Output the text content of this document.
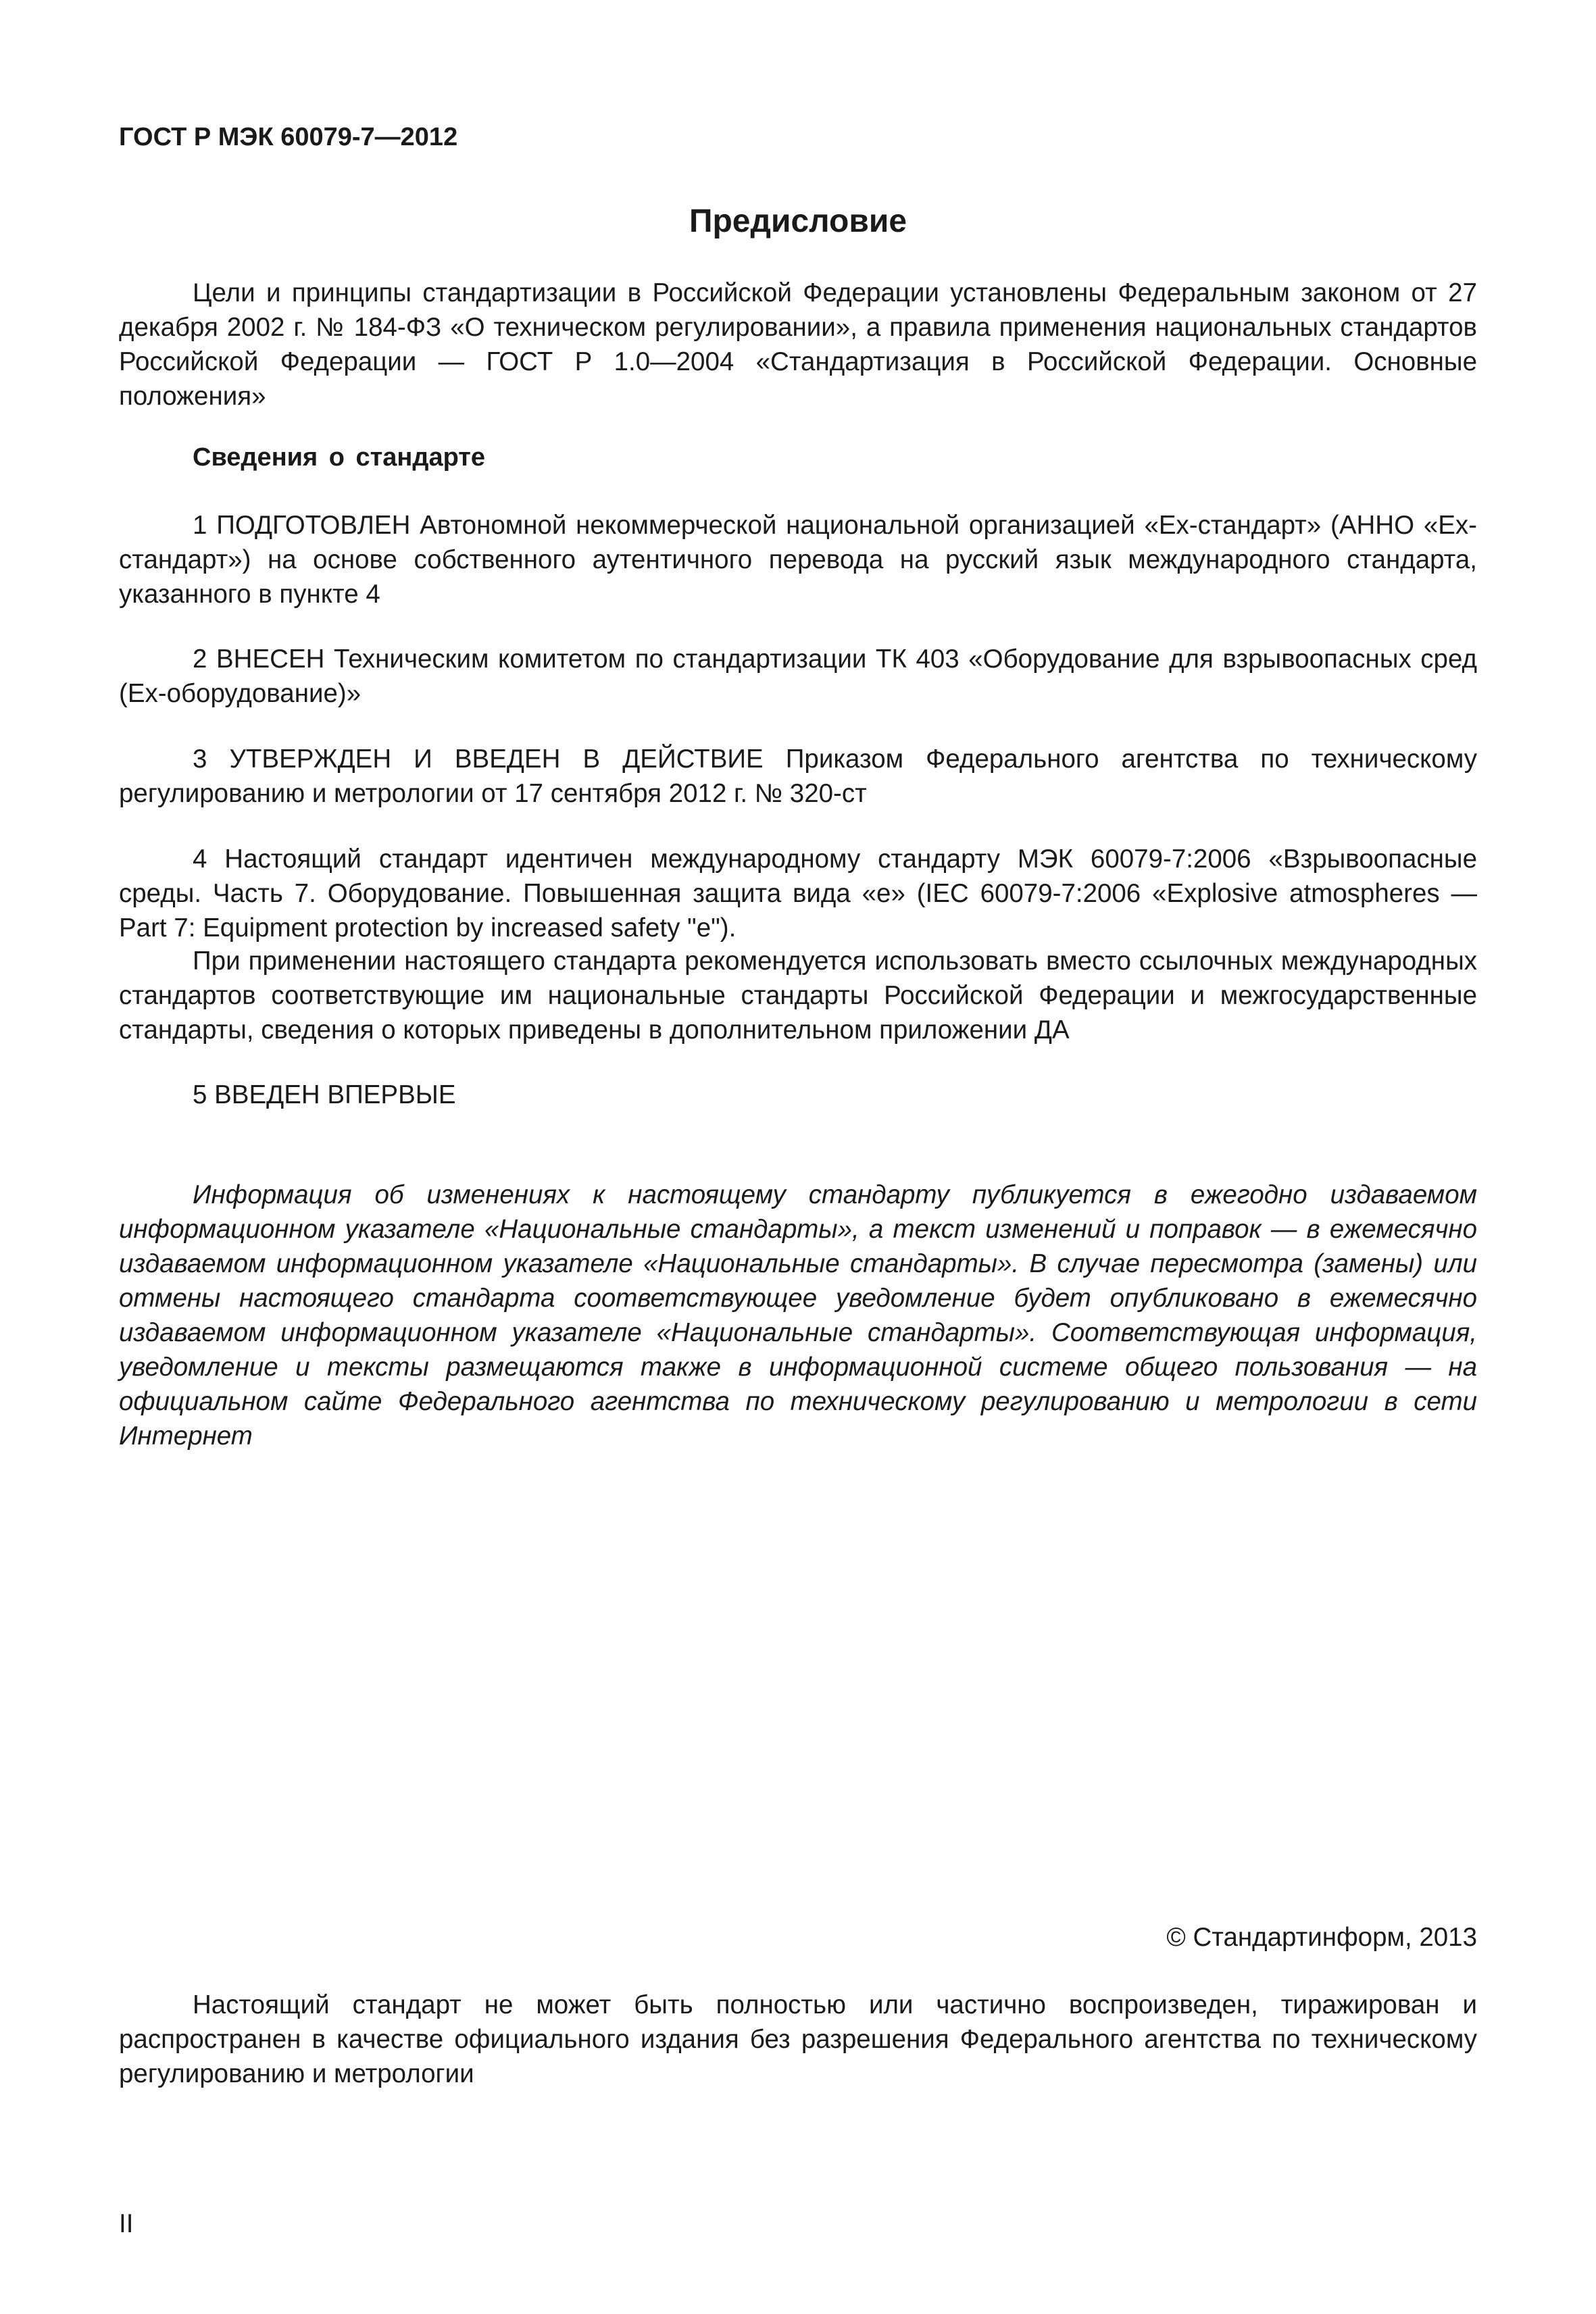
ГОСТ Р МЭК 60079-7—2012
Предисловие

Цели и принципы стандартизации в Российской Федерации установлены Федеральным законом от 27 декабря 2002 г. № 184-ФЗ «О техническом регулировании», а правила применения национальных стандартов Российской Федерации — ГОСТ Р 1.0—2004 «Стандартизация в Российской Федерации. Основные положения»

Сведения о стандарте

1 ПОДГОТОВЛЕН Автономной некоммерческой национальной организацией «Ех-стандарт» (АННО «Ех-стандарт») на основе собственного аутентичного перевода на русский язык международного стандарта, указанного в пункте 4

2 ВНЕСЕН Техническим комитетом по стандартизации ТК 403 «Оборудование для взрывоопасных сред (Ех-оборудование)»

3 УТВЕРЖДЕН И ВВЕДЕН В ДЕЙСТВИЕ Приказом Федерального агентства по техническому регулированию и метрологии от 17 сентября 2012 г. № 320-ст

4 Настоящий стандарт идентичен международному стандарту МЭК 60079-7:2006 «Взрывоопасные среды. Часть 7. Оборудование. Повышенная защита вида «е» (IEC 60079-7:2006 «Explosive atmospheres — Part 7: Equipment protection by increased safety "e").

При применении настоящего стандарта рекомендуется использовать вместо ссылочных международных стандартов соответствующие им национальные стандарты Российской Федерации и межгосударственные стандарты, сведения о которых приведены в дополнительном приложении ДА

5 ВВЕДЕН ВПЕРВЫЕ

Информация об изменениях к настоящему стандарту публикуется в ежегодно издаваемом информационном указателе «Национальные стандарты», а текст изменений и поправок — в ежемесячно издаваемом информационном указателе «Национальные стандарты». В случае пересмотра (замены) или отмены настоящего стандарта соответствующее уведомление будет опубликовано в ежемесячно издаваемом информационном указателе «Национальные стандарты». Соответствующая информация, уведомление и тексты размещаются также в информационной системе общего пользования — на официальном сайте Федерального агентства по техническому регулированию и метрологии в сети Интернет

© Стандартинформ, 2013

Настоящий стандарт не может быть полностью или частично воспроизведен, тиражирован и распространен в качестве официального издания без разрешения Федерального агентства по техническому регулированию и метрологии

II
